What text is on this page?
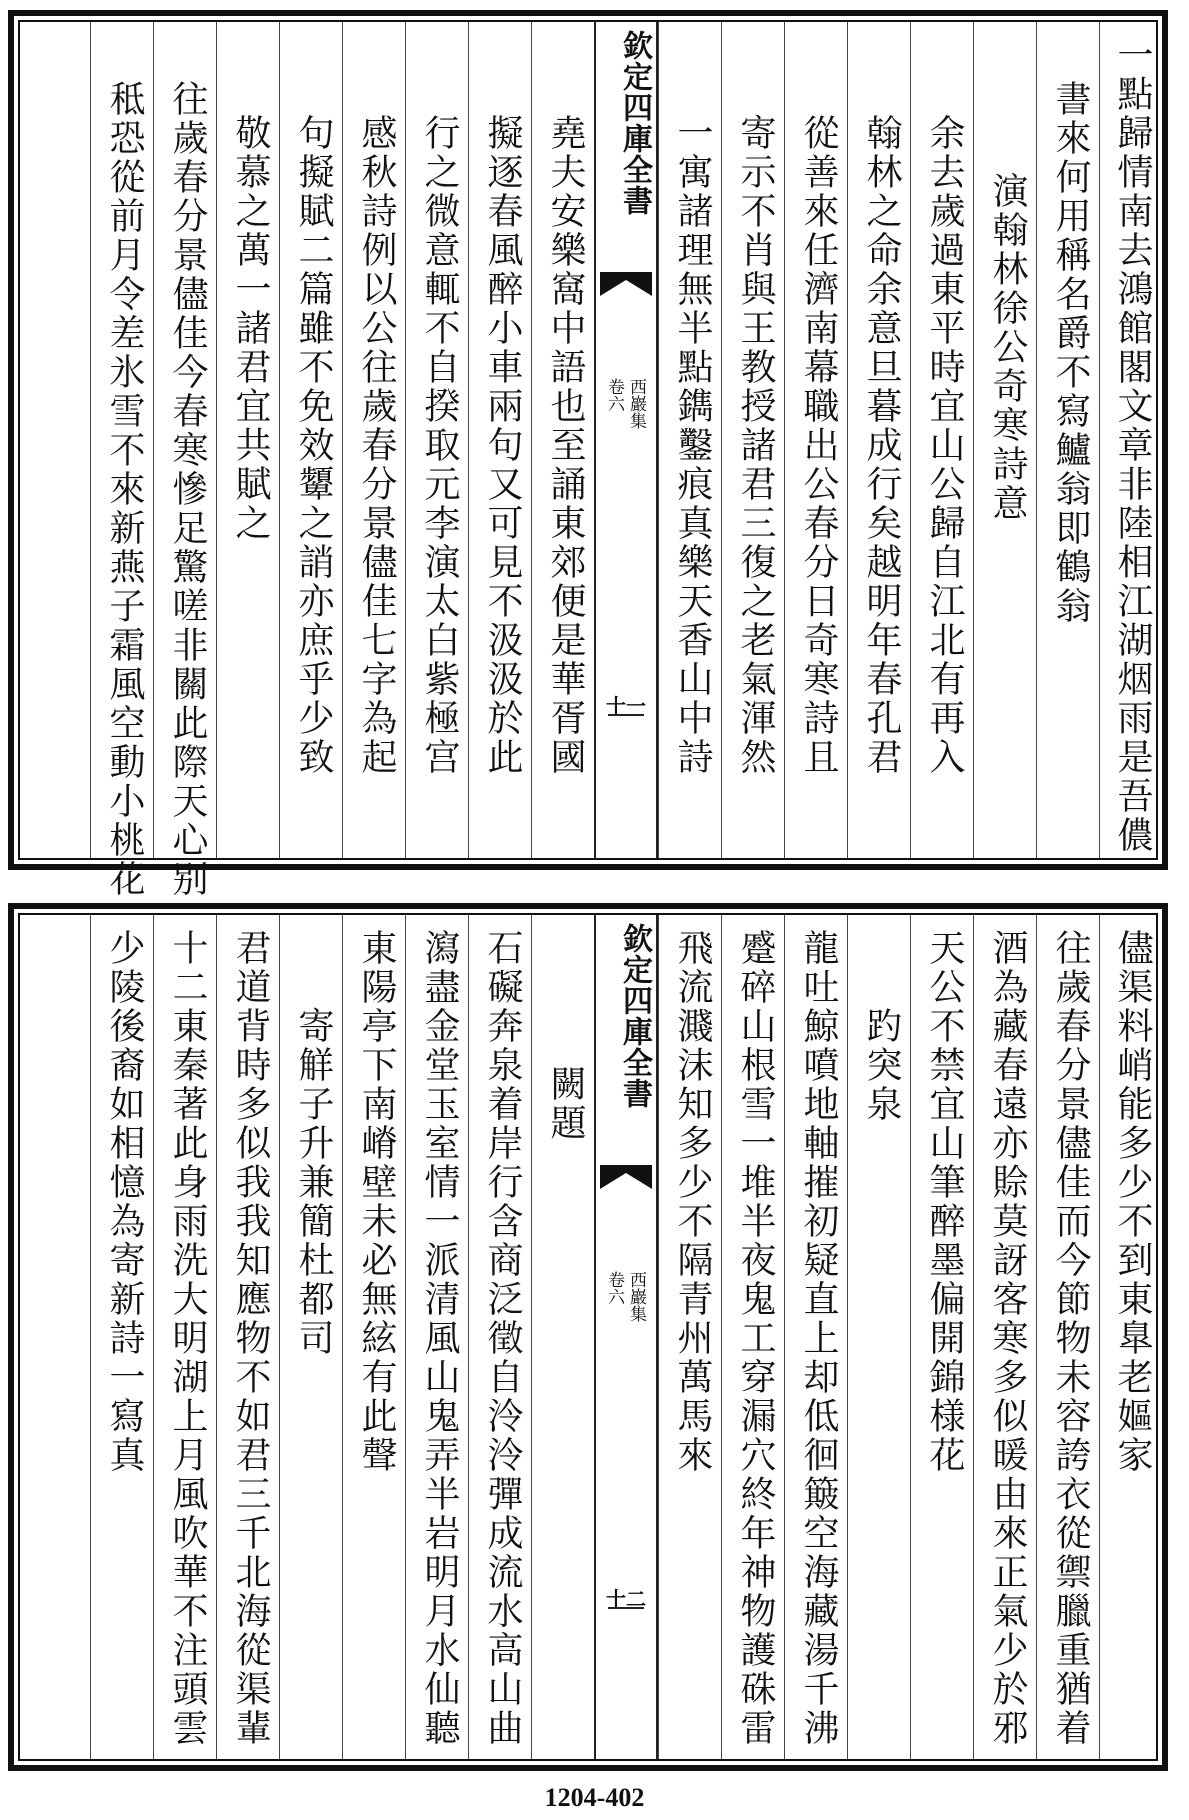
一點歸情南去鴻館閣文章非陸相江湖烟雨是吾儂
書來何用稱名爵不寫鱸翁即鶴翁
演翰林徐公奇寒詩意
余去歲過東平時宜山公歸自江北有再入
翰林之命余意旦暮成行矣越明年春孔君
從善來任濟南幕職出公春分日奇寒詩且
寄示不肖與王教授諸君三復之老氣渾然
一寓諸理無半點鐫鑿痕真樂天香山中詩
欽定四庫全書
西巖集
卷六
十一
堯夫安樂窩中語也至誦東郊便是華胥國
擬逐春風醉小車兩句又可見不汲汲於此
行之微意輒不自揆取元李演太白紫極宫
感秋詩例以公往歲春分景儘佳七字為起
句擬賦二篇雖不免效顰之誚亦庶乎少致
敬慕之萬一諸君宜共賦之
往歲春分景儘佳今春寒慘足驚嗟非關此際天心别
秪恐從前月令差氷雪不來新燕子霜風空動小桃花
儘渠料峭能多少不到東臯老嫗家
往歲春分景儘佳而今節物未容誇衣從禦臘重猶着
酒為藏春遠亦賒莫訝客寒多似暖由來正氣少於邪
天公不禁宜山筆醉墨偏開錦様花
趵突泉
龍吐鯨噴地軸摧初疑直上却低徊簸空海藏湯千沸
蹙碎山根雪一堆半夜鬼工穿漏穴終年神物護硃雷
飛流濺沫知多少不隔青州萬馬來
欽定四庫全書
西巖集
卷六
十二
闕題
石礙奔泉着岸行含商泛徵自泠泠彈成流水高山曲
瀉盡金堂玉室情一派清風山鬼弄半岩明月水仙聽
東陽亭下南嵴壁未必無絃有此聲
寄觧子升兼簡杜都司
君道背時多似我我知應物不如君三千北海從渠輩
十二東秦著此身雨洗大明湖上月風吹華不注頭雲
少陵後裔如相憶為寄新詩一寫真
1204-402
